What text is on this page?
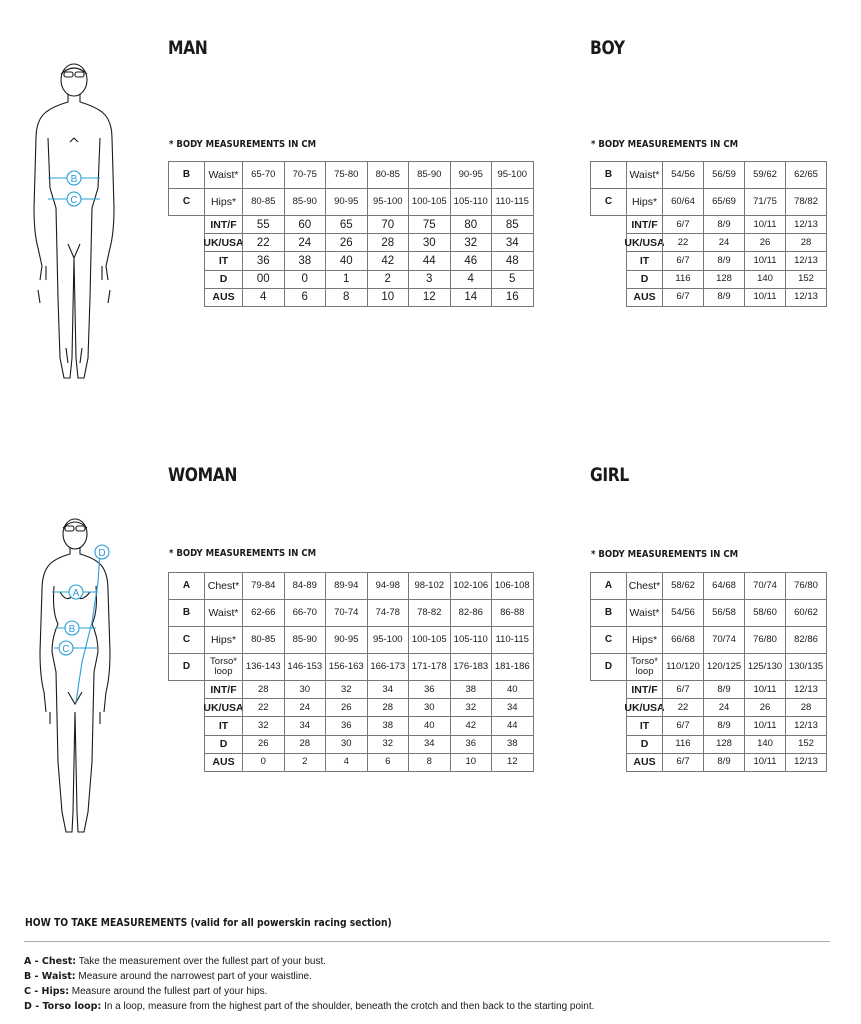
B
C
A
B
C
D
MAN
* BODY MEASUREMENTS IN CM
BOY
* BODY MEASUREMENTS IN CM
WOMAN
* BODY MEASUREMENTS IN CM
GIRL
* BODY MEASUREMENTS IN CM
B	Waist*	65-70	70-75	75-80	80-85	85-90	90-95	95-100
C	Hips*	80-85	85-90	90-95	95-100 100-105 105-110 110-115
INT/F	55	60	65	70	75	80	85
UK/USA	22	24	26	28	30	32	34
IT	36	38	40	42	44	46	48
D	00	0	1	2	3	4	5
AUS	4	6	8	10	12	14	16
B	Waist*	54/56	56/59	59/62	62/65
C	Hips*	60/64	65/69	71/75	78/82
INT/F	6/7	8/9	10/11	12/13
UK/USA	22	24	26	28
IT	6/7	8/9	10/11	12/13
D	116	128	140	152
AUS	6/7	8/9	10/11	12/13
A	Chest*	79-84	84-89	89-94	94-98	98-102 102-106 106-108
B	Waist*	62-66	66-70	70-74	74-78	78-82	82-86	86-88
C	Hips*	80-85	85-90	90-95	95-100 100-105 105-110 110-115
D	Torso* loop	136-143 146-153 156-163 166-173 171-178 176-183 181-186
INT/F	28	30	32	34	36	38	40
UK/USA	22	24	26	28	30	32	34
IT	32	34	36	38	40	42	44
D	26	28	30	32	34	36	38
AUS	0	2	4	6	8	10	12
A	Chest*	58/62	64/68	70/74	76/80
B	Waist*	54/56	56/58	58/60	60/62
C	Hips*	66/68	70/74	76/80	82/86
D	Torso* loop	110/120 120/125 125/130 130/135
INT/F	6/7	8/9	10/11	12/13
UK/USA	22	24	26	28
IT	6/7	8/9	10/11	12/13
D	116	128	140	152
AUS	6/7	8/9	10/11	12/13
HOW TO TAKE MEASUREMENTS (valid for all powerskin racing section)
A - Chest: Take the measurement over the fullest part of your bust.
B - Waist: Measure around the narrowest part of your waistline.
C - Hips: Measure around the fullest part of your hips.
D - Torso loop: In a loop, measure from the highest part of the shoulder, beneath the crotch and then back to the starting point.
